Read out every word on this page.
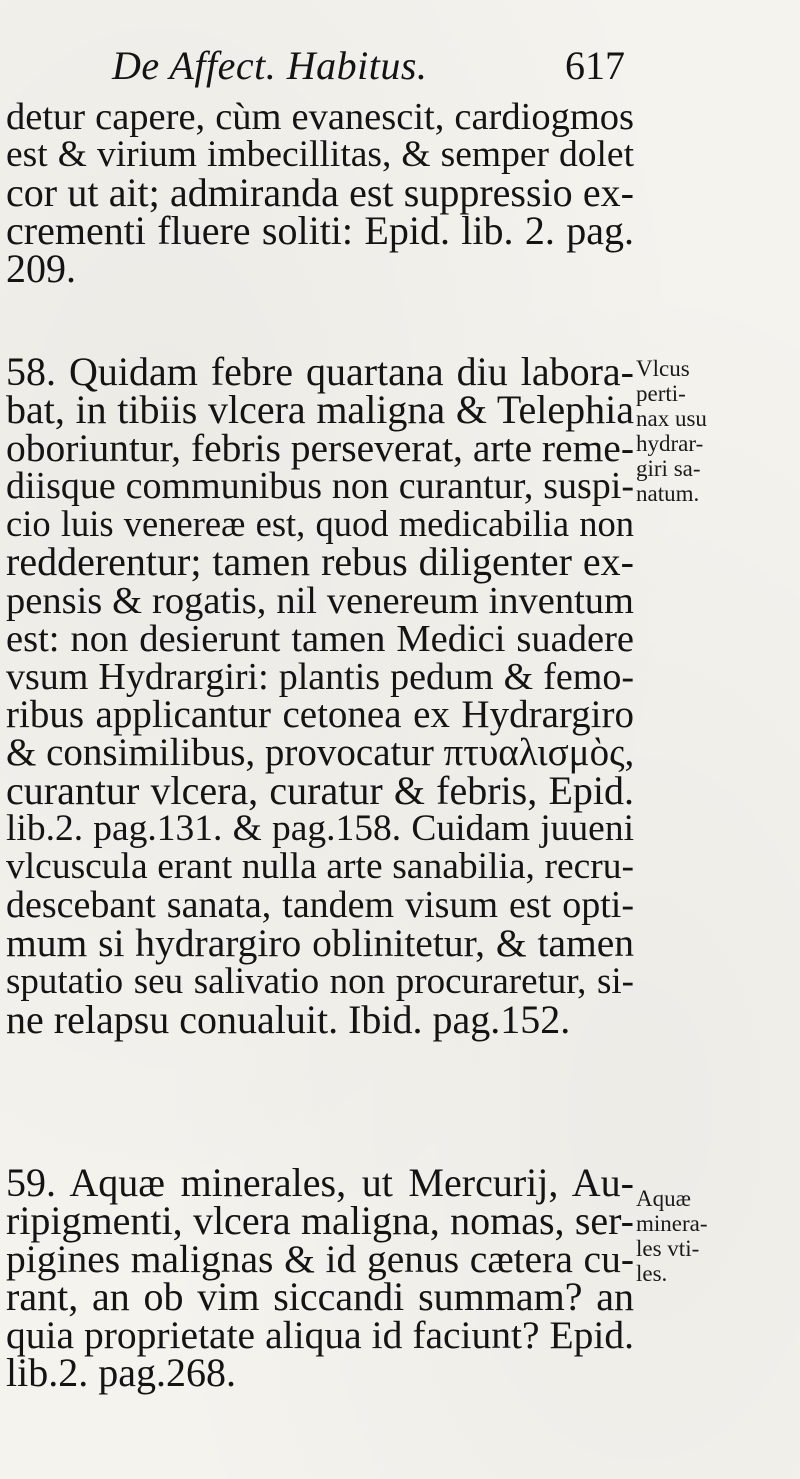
De Affect. Habitus.	617
detur capere, cùm evanescit, cardiogmos
est & virium imbecillitas, & semper dolet
cor ut ait; admiranda est suppressio ex-
crementi fluere soliti: Epid. lib. 2. pag.
209.
58. Quidam febre quartana diu labora-
bat, in tibiis vlcera maligna & Telephia
oboriuntur, febris perseverat, arte reme-
diisque communibus non curantur, suspi-
cio luis venereæ est, quod medicabilia non
redderentur; tamen rebus diligenter ex-
pensis & rogatis, nil venereum inventum
est: non desierunt tamen Medici suadere
vsum Hydrargiri: plantis pedum & femo-
ribus applicantur cetonea ex Hydrargiro
& consimilibus, provocatur πτυαλισμὸς,
curantur vlcera, curatur & febris, Epid.
lib.2. pag.131. & pag.158. Cuidam juueni
vlcuscula erant nulla arte sanabilia, recru-
descebant sanata, tandem visum est opti-
mum si hydrargiro oblinitetur, & tamen
sputatio seu salivatio non procuraretur, si-
ne relapsu conualuit. Ibid. pag.152.
Vlcus
perti-
nax usu
hydrar-
giri sa-
natum.
59. Aquæ minerales, ut Mercurij, Au-
ripigmenti, vlcera maligna, nomas, ser-
pigines malignas & id genus cætera cu-
rant, an ob vim siccandi summam? an
quia proprietate aliqua id faciunt? Epid.
lib.2. pag.268.
Aquæ
minera-
les vti-
les.
